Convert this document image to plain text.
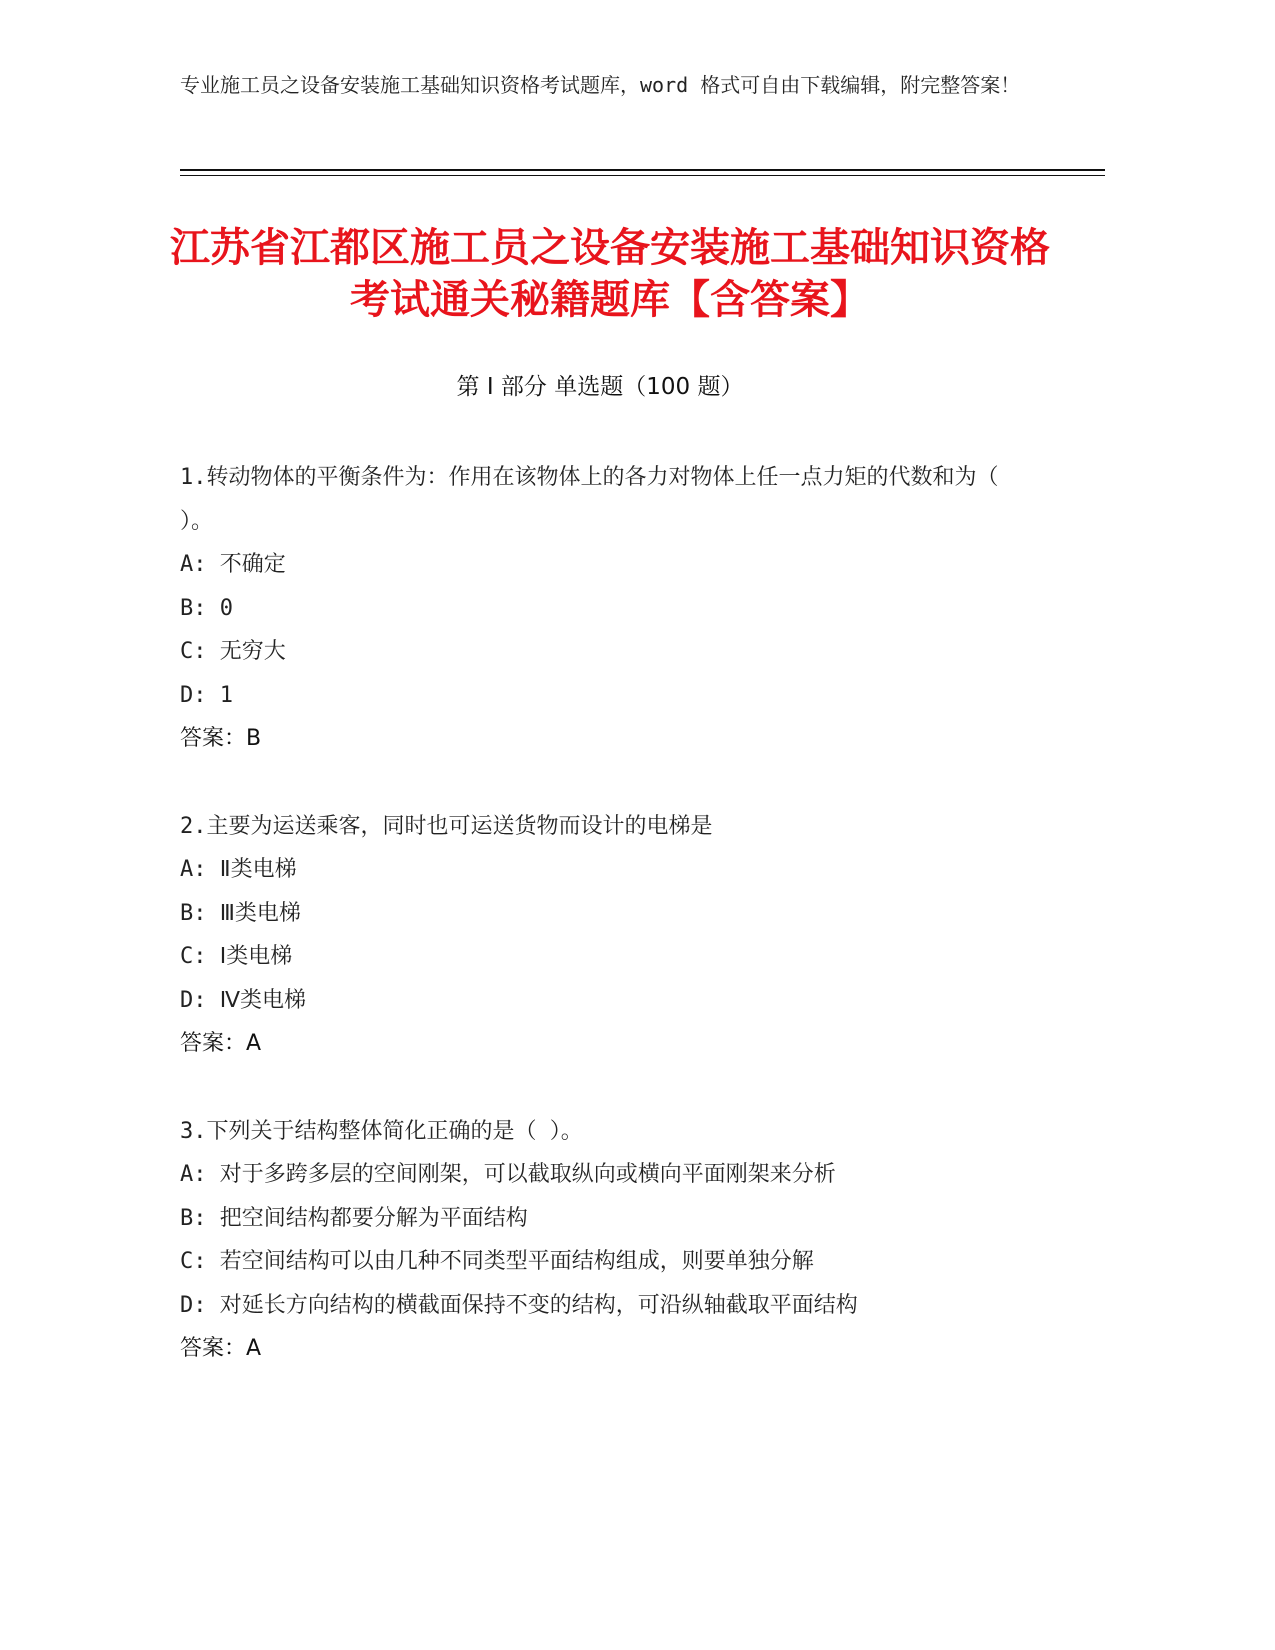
专业施工员之设备安装施工基础知识资格考试题库，word 格式可自由下载编辑，附完整答案！
江苏省江都区施工员之设备安装施工基础知识资格考试通关秘籍题库【含答案】
第 I 部分 单选题（100 题）
1.转动物体的平衡条件为：作用在该物体上的各力对物体上任一点力矩的代数和为（ ）。
A: 不确定
B: 0
C: 无穷大
D: 1
答案：B
2.主要为运送乘客，同时也可运送货物而设计的电梯是
A: Ⅱ类电梯
B: Ⅲ类电梯
C: Ⅰ类电梯
D: Ⅳ类电梯
答案：A
3.下列关于结构整体简化正确的是（ ）。
A: 对于多跨多层的空间刚架，可以截取纵向或横向平面刚架来分析
B: 把空间结构都要分解为平面结构
C: 若空间结构可以由几种不同类型平面结构组成，则要单独分解
D: 对延长方向结构的横截面保持不变的结构，可沿纵轴截取平面结构
答案：A
